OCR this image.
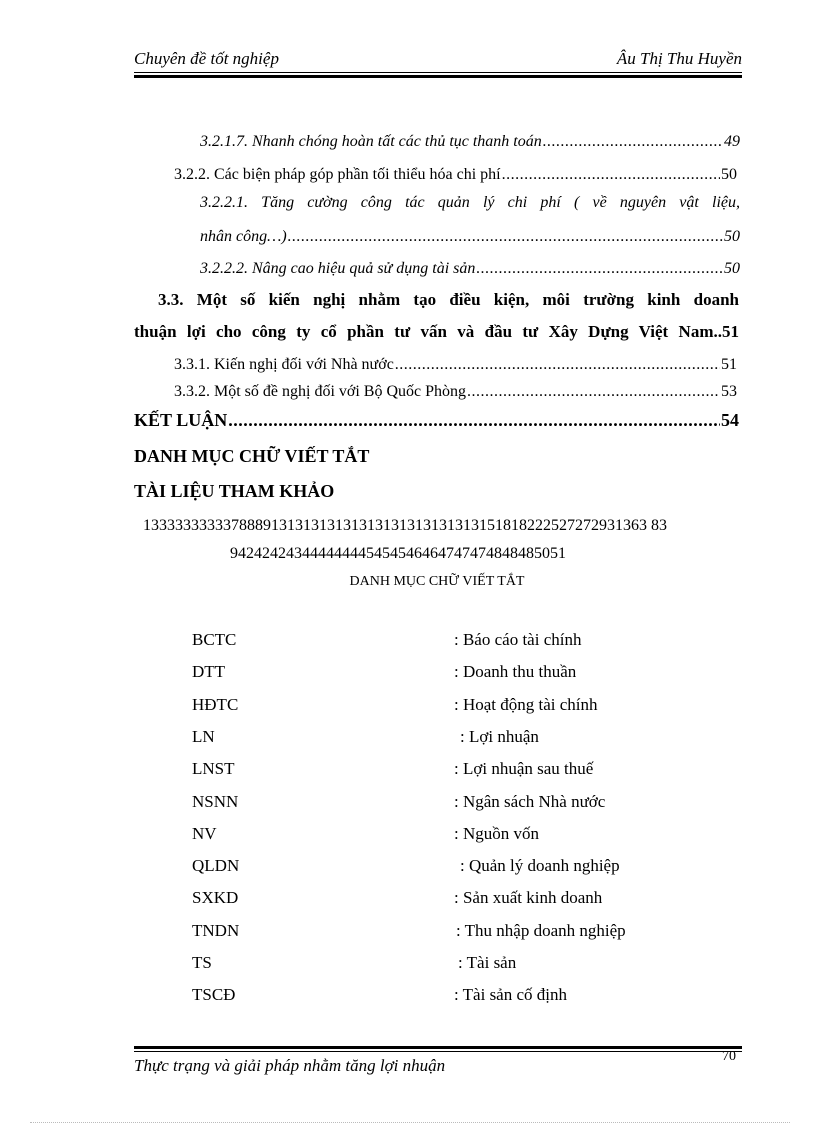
Chuyên đề tốt nghiệp	Âu Thị Thu Huyền
3.2.1.7. Nhanh chóng hoàn tất các thủ tục thanh toán .....	49
3.2.2. Các biện pháp góp phần tối thiểu hóa chi phí .....	50
3.2.2.1. Tăng cường công tác quản lý chi phí ( về nguyên vật liệu,
nhân công…) .....	50
3.2.2.2. Nâng cao hiệu quả sử dụng tài sản .....	50
3.3. Một số kiến nghị nhằm tạo điều kiện, môi trường kinh doanh
thuận lợi cho công ty cổ phần tư vấn và đầu tư Xây Dựng Việt Nam..51
3.3.1. Kiến nghị đối với Nhà nước .....	51
3.3.2. Một số đề nghị đối với Bộ Quốc Phòng .....	53
KẾT LUẬN .....	54
DANH MỤC CHỮ VIẾT TẮT
TÀI LIỆU THAM KHẢO
133333333337888913131313131313131313131313151818222527272931363 83
942424243444444445454546464747474848485051
DANH MỤC CHỮ VIẾT TẮT
BCTC	: Báo cáo tài chính
DTT	: Doanh thu thuần
HĐTC	: Hoạt động tài chính
LN	: Lợi nhuận
LNST	: Lợi nhuận sau thuế
NSNN	: Ngân sách Nhà nước
NV	: Nguồn vốn
QLDN	: Quản lý doanh nghiệp
SXKD	: Sản xuất kinh doanh
TNDN	: Thu nhập doanh nghiệp
TS	: Tài sản
TSCĐ	: Tài sản cố định
Thực trạng và giải pháp nhằm tăng lợi nhuận	70
